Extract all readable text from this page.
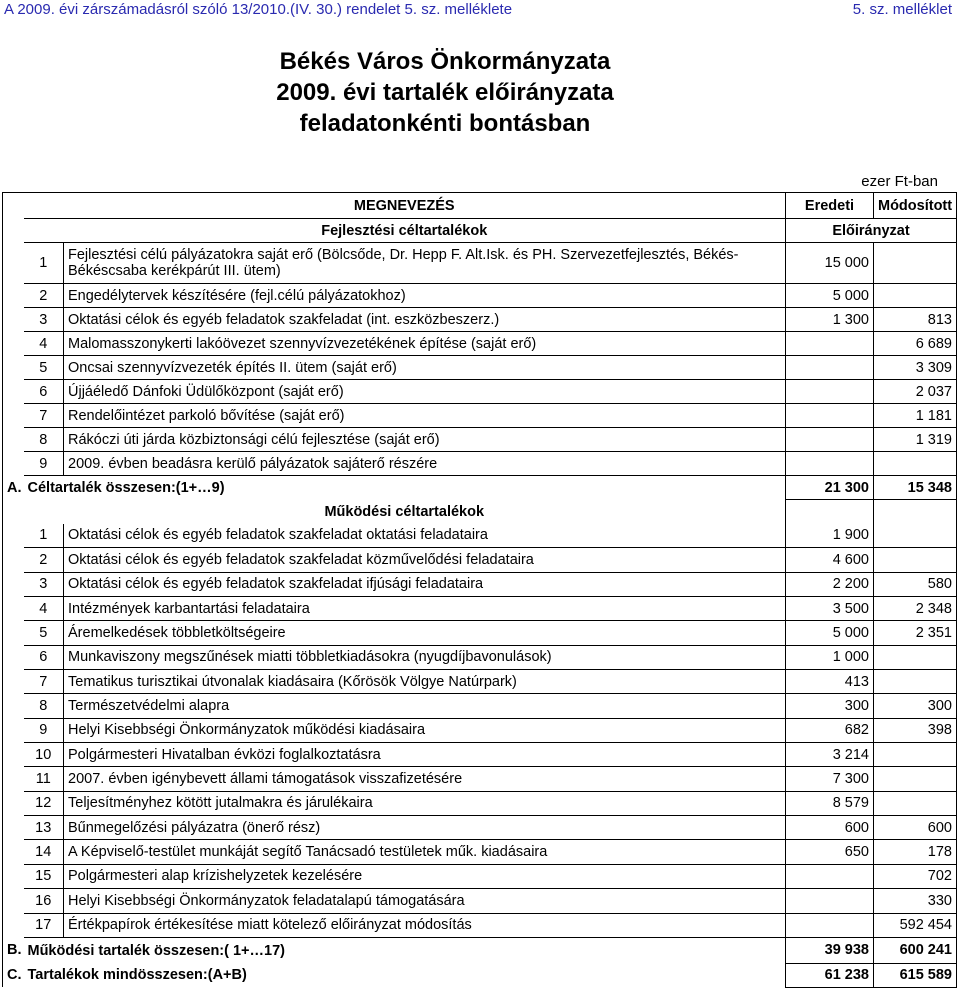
A 2009. évi zárszámadásról szóló 13/2010.(IV. 30.) rendelet 5. sz. melléklete	5. sz. melléklet
Békés Város Önkormányzata
2009. évi tartalék előirányzata
feladatonkénti bontásban
ezer Ft-ban
	MEGNEVEZÉS		Eredeti	Módosított
	Fejlesztési céltartalékok		Előirányzat	
	1	Fejlesztési célú pályázatokra saját erő (Bölcsőde, Dr. Hepp F. Alt.Isk. és PH. Szervezetfejlesztés, Békés-Békéscsaba kerékpárút III. ütem)	15 000	
	2	Engedélytervek készítésére (fejl.célú pályázatokhoz)	5 000	
	3	Oktatási célok és egyéb feladatok szakfeladat (int. eszközbeszerz.)	1 300	813
	4	Malomasszonykerti lakóövezet szennyvízvezetékének építése (saját erő)		6 689
	5	Oncsai szennyvízvezeték építés II. ütem (saját erő)		3 309
	6	Újjáéledő Dánfoki Üdülőközpont (saját erő)		2 037
	7	Rendelőintézet parkoló bővítése (saját erő)		1 181
	8	Rákóczi úti járda közbiztonsági célú fejlesztése (saját erő)		1 319
	9	2009. évben beadásra kerülő pályázatok sajáterő részére		
A.	Céltartalék összesen:(1+…9)		21 300	15 348
	Működési céltartalékok			
	1	Oktatási célok és egyéb feladatok szakfeladat oktatási feladataira	1 900	
	2	Oktatási célok és egyéb feladatok szakfeladat közművelődési feladataira	4 600	
	3	Oktatási célok és egyéb feladatok szakfeladat ifjúsági feladataira	2 200	580
	4	Intézmények karbantartási feladataira	3 500	2 348
	5	Áremelkedések többletköltségeire	5 000	2 351
	6	Munkaviszony megszűnések miatti többletkiadásokra (nyugdíjbavonulások)	1 000	
	7	Tematikus turisztikai útvonalak kiadásaira (Kőrösök Völgye Natúrpark)	413	
	8	Természetvédelmi alapra	300	300
	9	Helyi Kisebbségi Önkormányzatok működési kiadásaira	682	398
	10	Polgármesteri Hivatalban évközi foglalkoztatásra	3 214	
	11	2007. évben igénybevett állami támogatások visszafizetésére	7 300	
	12	Teljesítményhez kötött jutalmakra és járulékaira	8 579	
	13	Bűnmegelőzési pályázatra (önerő rész)	600	600
	14	A Képviselő-testület munkáját segítő Tanácsadó testületek műk. kiadásaira	650	178
	15	Polgármesteri alap krízishelyzetek kezelésére		702
	16	Helyi Kisebbségi Önkormányzatok feladatalapú támogatására		330
	17	Értékpapírok értékesítése miatt kötelező előirányzat módosítás		592 454
B.	Működési tartalék összesen:( 1+…17)		39 938	600 241
C.	Tartalékok mindösszesen:(A+B)		61 238	615 589
